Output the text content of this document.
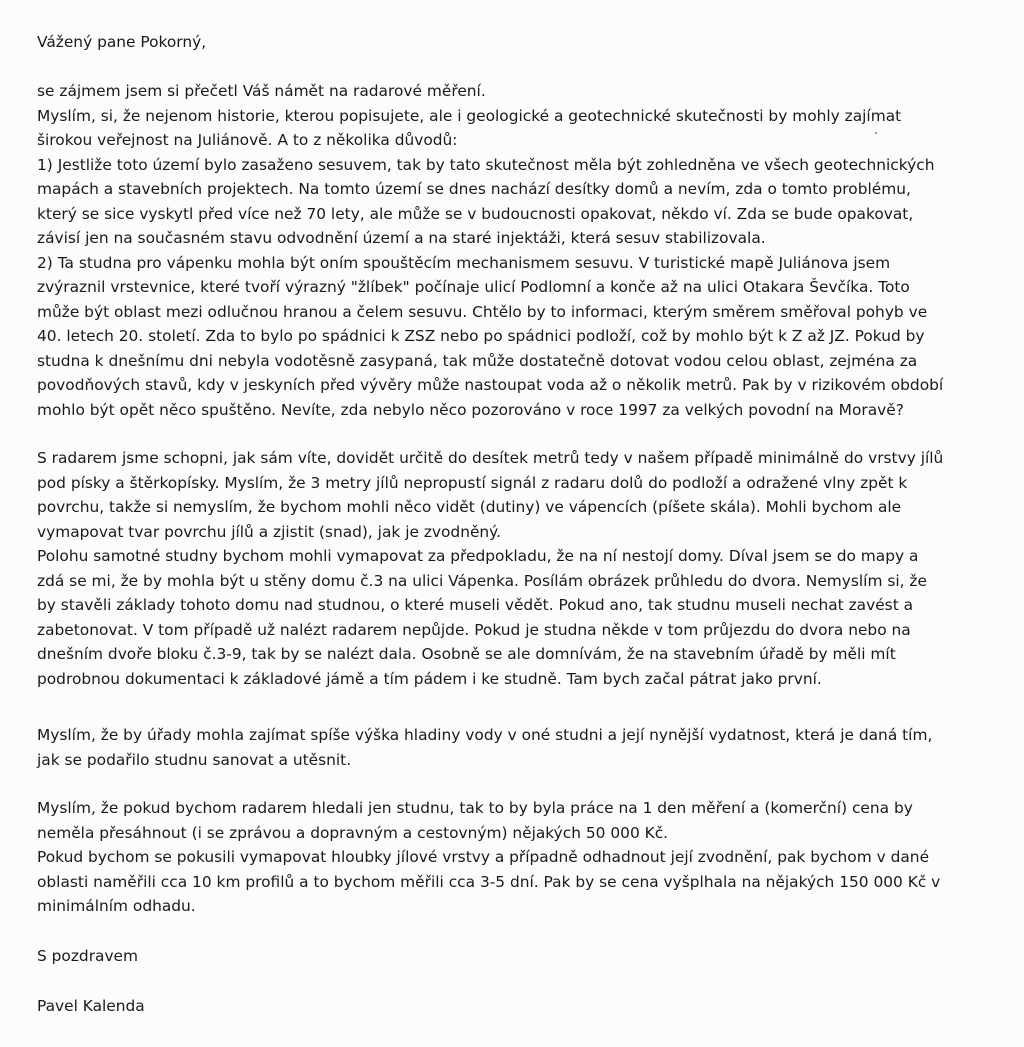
Vážený pane Pokorný,
se zájmem jsem si přečetl Váš námět na radarové měření.
Myslím, si, že nejenom historie, kterou popisujete, ale i geologické a geotechnické skutečnosti by mohly zajímat
širokou veřejnost na Juliánově. A to z několika důvodů:
1) Jestliže toto území bylo zasaženo sesuvem, tak by tato skutečnost měla být zohledněna ve všech geotechnických
mapách a stavebních projektech. Na tomto území se dnes nachází desítky domů a nevím, zda o tomto problému,
který se sice vyskytl před více než 70 lety, ale může se v budoucnosti opakovat, někdo ví. Zda se bude opakovat,
závisí jen na současném stavu odvodnění území a na staré injektáži, která sesuv stabilizovala.
2) Ta studna pro vápenku mohla být oním spouštěcím mechanismem sesuvu. V turistické mapě Juliánova jsem
zvýraznil vrstevnice, které tvoří výrazný "žlíbek" počínaje ulicí Podlomní a konče až na ulici Otakara Ševčíka. Toto
může být oblast mezi odlučnou hranou a čelem sesuvu. Chtělo by to informaci, kterým směrem směřoval pohyb ve
40. letech 20. století. Zda to bylo po spádnici k ZSZ nebo po spádnici podloží, což by mohlo být k Z až JZ. Pokud by
studna k dnešnímu dni nebyla vodotěsně zasypaná, tak může dostatečně dotovat vodou celou oblast, zejména za
povodňových stavů, kdy v jeskyních před vývěry může nastoupat voda až o několik metrů. Pak by v rizikovém období
mohlo být opět něco spuštěno. Nevíte, zda nebylo něco pozorováno v roce 1997 za velkých povodní na Moravě?
S radarem jsme schopni, jak sám víte, dovidět určitě do desítek metrů tedy v našem případě minimálně do vrstvy jílů
pod písky a štěrkopísky. Myslím, že 3 metry jílů nepropustí signál z radaru dolů do podloží a odražené vlny zpět k
povrchu, takže si nemyslím, že bychom mohli něco vidět (dutiny) ve vápencích (píšete skála). Mohli bychom ale
vymapovat tvar povrchu jílů a zjistit (snad), jak je zvodněný.
Polohu samotné studny bychom mohli vymapovat za předpokladu, že na ní nestojí domy. Díval jsem se do mapy a
zdá se mi, že by mohla být u stěny domu č.3 na ulici Vápenka. Posílám obrázek průhledu do dvora. Nemyslím si, že
by stavěli základy tohoto domu nad studnou, o které museli vědět. Pokud ano, tak studnu museli nechat zavést a
zabetonovat. V tom případě už nalézt radarem nepůjde. Pokud je studna někde v tom průjezdu do dvora nebo na
dnešním dvoře bloku č.3-9, tak by se nalézt dala. Osobně se ale domnívám, že na stavebním úřadě by měli mít
podrobnou dokumentaci k základové jámě a tím pádem i ke studně. Tam bych začal pátrat jako první.
Myslím, že by úřady mohla zajímat spíše výška hladiny vody v oné studni a její nynější vydatnost, která je daná tím,
jak se podařilo studnu sanovat a utěsnit.
Myslím, že pokud bychom radarem hledali jen studnu, tak to by byla práce na 1 den měření a (komerční) cena by
neměla přesáhnout (i se zprávou a dopravným a cestovným) nějakých 50 000 Kč.
Pokud bychom se pokusili vymapovat hloubky jílové vrstvy a případně odhadnout její zvodnění, pak bychom v dané
oblasti naměřili cca 10 km profilů a to bychom měřili cca 3-5 dní. Pak by se cena vyšplhala na nějakých 150 000 Kč v
minimálním odhadu.
S pozdravem
Pavel Kalenda
